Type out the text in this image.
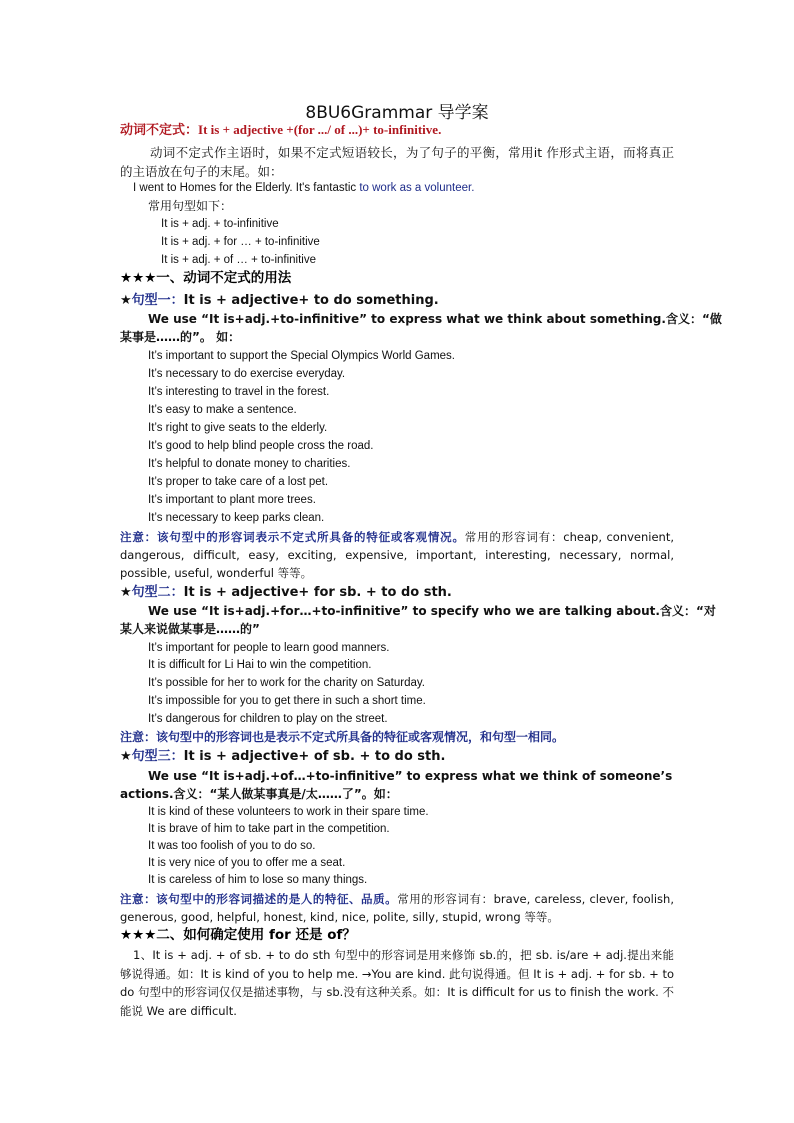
8BU6Grammar 导学案
动词不定式：It is + adjective +(for .../ of ...)+ to-infinitive.
动词不定式作主语时，如果不定式短语较长，为了句子的平衡，常用it 作形式主语，而将真正的主语放在句子的末尾。如：
I went to Homes for the Elderly. It's fantastic to work as a volunteer.
常用句型如下：
It is + adj. + to-infinitive
It is + adj. + for … + to-infinitive
It is + adj. + of … + to-infinitive
★★★一、动词不定式的用法
★句型一：It is + adjective+ to do something.
We use “It is+adj.+to-infinitive” to express what we think about something.含义：“做
某事是……的”。 如：
It’s important to support the Special Olympics World Games.
It’s necessary to do exercise everyday.
It’s interesting to travel in the forest.
It’s easy to make a sentence.
It’s right to give seats to the elderly.
It’s good to help blind people cross the road.
It’s helpful to donate money to charities.
It’s proper to take care of a lost pet.
It’s important to plant more trees.
It’s necessary to keep parks clean.
注意：该句型中的形容词表示不定式所具备的特征或客观情况。常用的形容词有：cheap, convenient, dangerous, difficult, easy, exciting, expensive, important, interesting, necessary, normal, possible, useful, wonderful 等等。
★句型二：It is + adjective+ for sb. + to do sth.
We use “It is+adj.+for…+to-infinitive” to specify who we are talking about.含义：“对
某人来说做某事是……的”
It’s important for people to learn good manners.
It is difficult for Li Hai to win the competition.
It’s possible for her to work for the charity on Saturday.
It’s impossible for you to get there in such a short time.
It’s dangerous for children to play on the street.
注意：该句型中的形容词也是表示不定式所具备的特征或客观情况，和句型一相同。
★句型三：It is + adjective+ of sb. + to do sth.
We use “It is+adj.+of…+to-infinitive” to express what we think of someone’s
actions.含义：“某人做某事真是/太……了”。如：
It is kind of these volunteers to work in their spare time.
It is brave of him to take part in the competition.
It was too foolish of you to do so.
It is very nice of you to offer me a seat.
It is careless of him to lose so many things.
注意：该句型中的形容词描述的是人的特征、品质。常用的形容词有：brave, careless, clever, foolish, generous, good, helpful, honest, kind, nice, polite, silly, stupid, wrong 等等。
★★★二、如何确定使用 for 还是 of？
1、It is + adj. + of sb. + to do sth 句型中的形容词是用来修饰 sb.的，把 sb. is/are + adj.提出来能够说得通。如：It is kind of you to help me. →You are kind. 此句说得通。但 It is + adj. + for sb. + to do 句型中的形容词仅仅是描述事物，与 sb.没有这种关系。如：It is difficult for us to finish the work. 不能说 We are difficult.
